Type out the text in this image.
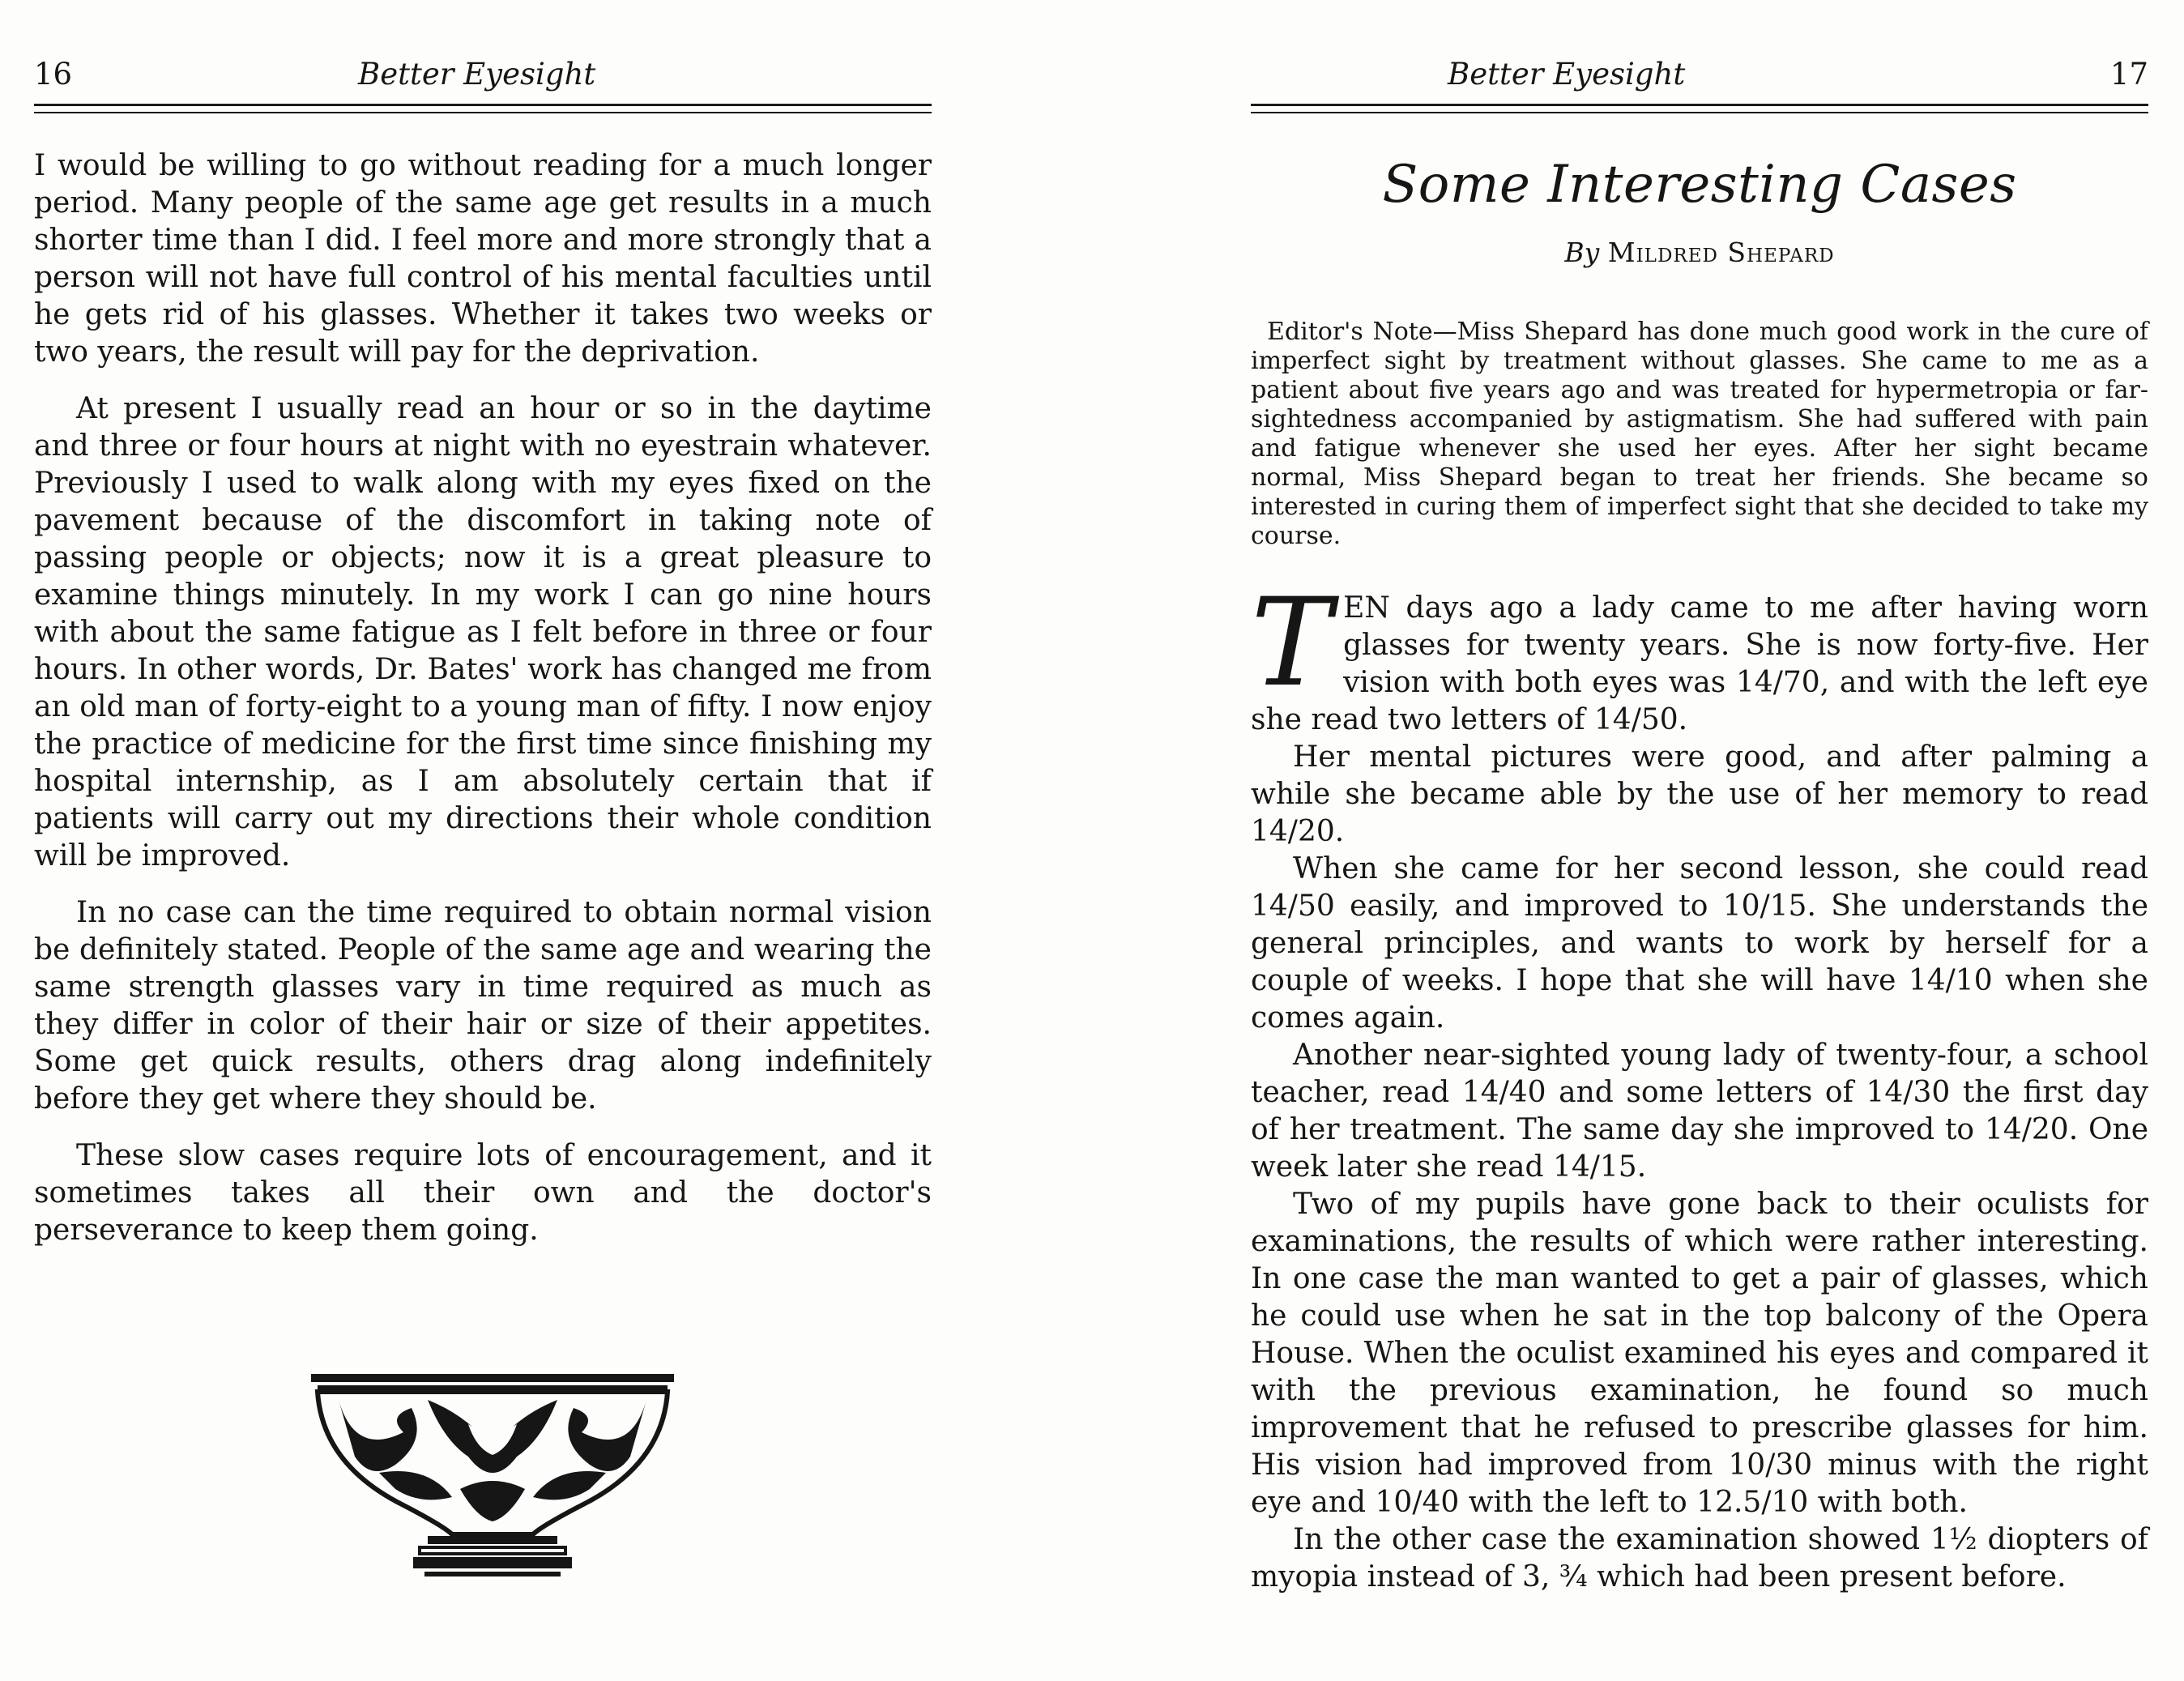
16	Better Eyesight

I would be willing to go without reading for a much longer period. Many people of the same age get results in a much shorter time than I did. I feel more and more strongly that a person will not have full control of his mental faculties until he gets rid of his glasses. Whether it takes two weeks or two years, the result will pay for the deprivation.

At present I usually read an hour or so in the daytime and three or four hours at night with no eyestrain whatever. Previously I used to walk along with my eyes fixed on the pavement because of the discomfort in taking note of passing people or objects; now it is a great pleasure to examine things minutely. In my work I can go nine hours with about the same fatigue as I felt before in three or four hours. In other words, Dr. Bates' work has changed me from an old man of forty-eight to a young man of fifty. I now enjoy the practice of medicine for the first time since finishing my hospital internship, as I am absolutely certain that if patients will carry out my directions their whole condition will be improved.

In no case can the time required to obtain normal vision be definitely stated. People of the same age and wearing the same strength glasses vary in time required as much as they differ in color of their hair or size of their appetites. Some get quick results, others drag along indefinitely before they get where they should be.

These slow cases require lots of encouragement, and it sometimes takes all their own and the doctor's perseverance to keep them going.

Better Eyesight	17
Some Interesting Cases
By Mildred Shepard

Editor's Note—Miss Shepard has done much good work in the cure of imperfect sight by treatment without glasses. She came to me as a patient about five years ago and was treated for hypermetropia or far-sightedness accompanied by astigmatism. She had suffered with pain and fatigue whenever she used her eyes. After her sight became normal, Miss Shepard began to treat her friends. She became so interested in curing them of imperfect sight that she decided to take my course.

TEN days ago a lady came to me after having worn glasses for twenty years. She is now forty-five. Her vision with both eyes was 14/70, and with the left eye she read two letters of 14/50.

Her mental pictures were good, and after palming a while she became able by the use of her memory to read 14/20.

When she came for her second lesson, she could read 14/50 easily, and improved to 10/15. She understands the general principles, and wants to work by herself for a couple of weeks. I hope that she will have 14/10 when she comes again.

Another near-sighted young lady of twenty-four, a school teacher, read 14/40 and some letters of 14/30 the first day of her treatment. The same day she improved to 14/20. One week later she read 14/15.

Two of my pupils have gone back to their oculists for examinations, the results of which were rather interesting. In one case the man wanted to get a pair of glasses, which he could use when he sat in the top balcony of the Opera House. When the oculist examined his eyes and compared it with the previous examination, he found so much improvement that he refused to prescribe glasses for him. His vision had improved from 10/30 minus with the right eye and 10/40 with the left to 12.5/10 with both.

In the other case the examination showed 1½ diopters of myopia instead of 3, ¾ which had been present before.
